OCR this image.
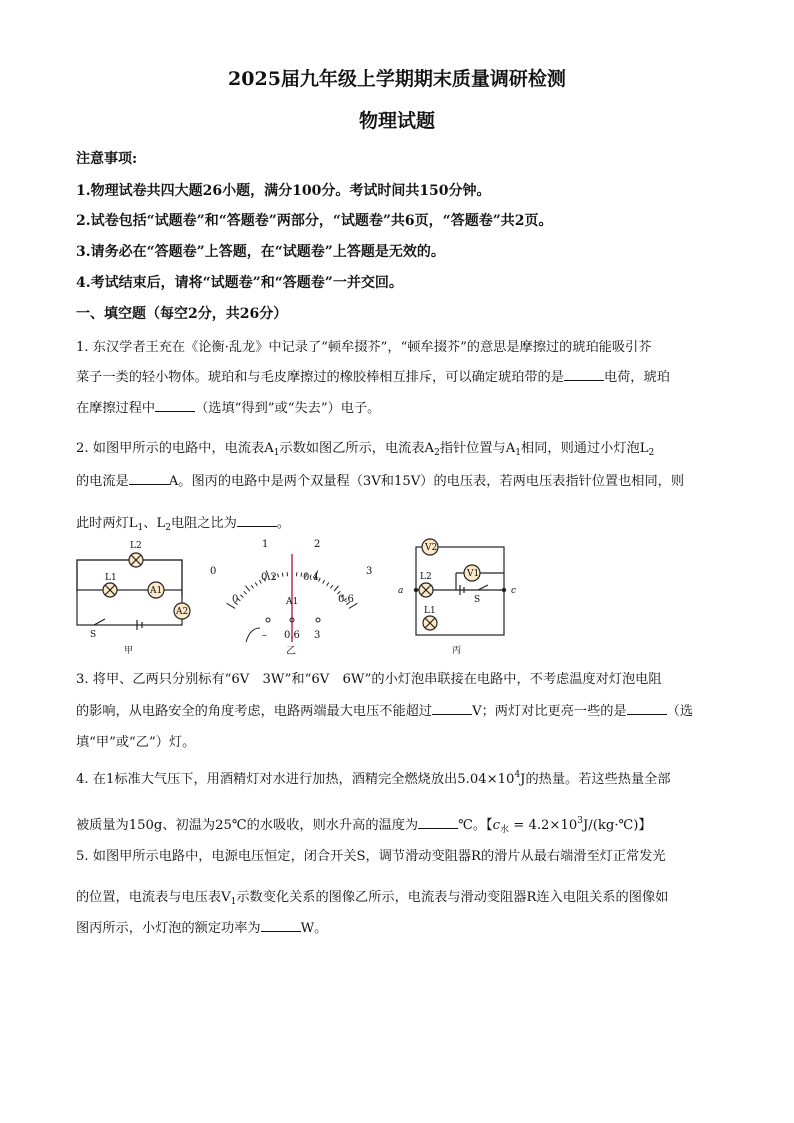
2025届九年级上学期期末质量调研检测
物理试题
注意事项:
1.物理试卷共四大题26小题，满分100分。考试时间共150分钟。
2.试卷包括“试题卷”和“答题卷”两部分，“试题卷”共6页，“答题卷”共2页。
3.请务必在“答题卷”上答题，在“试题卷”上答题是无效的。
4.考试结束后，请将“试题卷”和“答题卷”一并交回。
一、填空题（每空2分，共26分）
1. 东汉学者王充在《论衡·乱龙》中记录了“顿牟掇芥”，“顿牟掇芥”的意思是摩擦过的琥珀能吸引芥
菜子一类的轻小物体。琥珀和与毛皮摩擦过的橡胶棒相互排斥，可以确定琥珀带的是	电荷，琥珀
在摩擦过程中	（选填“得到”或“失去”）电子。
2. 如图甲所示的电路中，电流表$A_1$示数如图乙所示，电流表$A_2$指针位置与$A_1$相同，则通过小灯泡$L_2$
的电流是	A。图丙的电路中是两个双量程（3V和15V）的电压表，若两电压表指针位置也相同，则
此时两灯$L_1$、$L_2$电阻之比为	。
L2
L1
A1
A2
S
甲
0
1	2
3
0
0.2	0.4
0.6
A1
– 0.6 3
乙
V2
V1
L2
L1
S
a	c
丙
3. 将甲、乙两只分别标有“6V　3W”和“6V　6W”的小灯泡串联接在电路中，不考虑温度对灯泡电阻
的影响，从电路安全的角度考虑，电路两端最大电压不能超过	V；两灯对比更亮一些的是	（选
填“甲”或“乙”）灯。
4. 在1标准大气压下，用酒精灯对水进行加热，酒精完全燃烧放出$5.04\times 10^4J$的热量。若这些热量全部
被质量为150g、初温为25℃的水吸收，则水升高的温度为	℃。【$c_水$ = $4.2\times 10^3J/(kg\cdot℃)$】
5. 如图甲所示电路中，电源电压恒定，闭合开关S，调节滑动变阻器R的滑片从最右端滑至灯正常发光
的位置，电流表与电压表$V_1$示数变化关系的图像乙所示，电流表与滑动变阻器R连入电阻关系的图像如
图丙所示，小灯泡的额定功率为	W。
